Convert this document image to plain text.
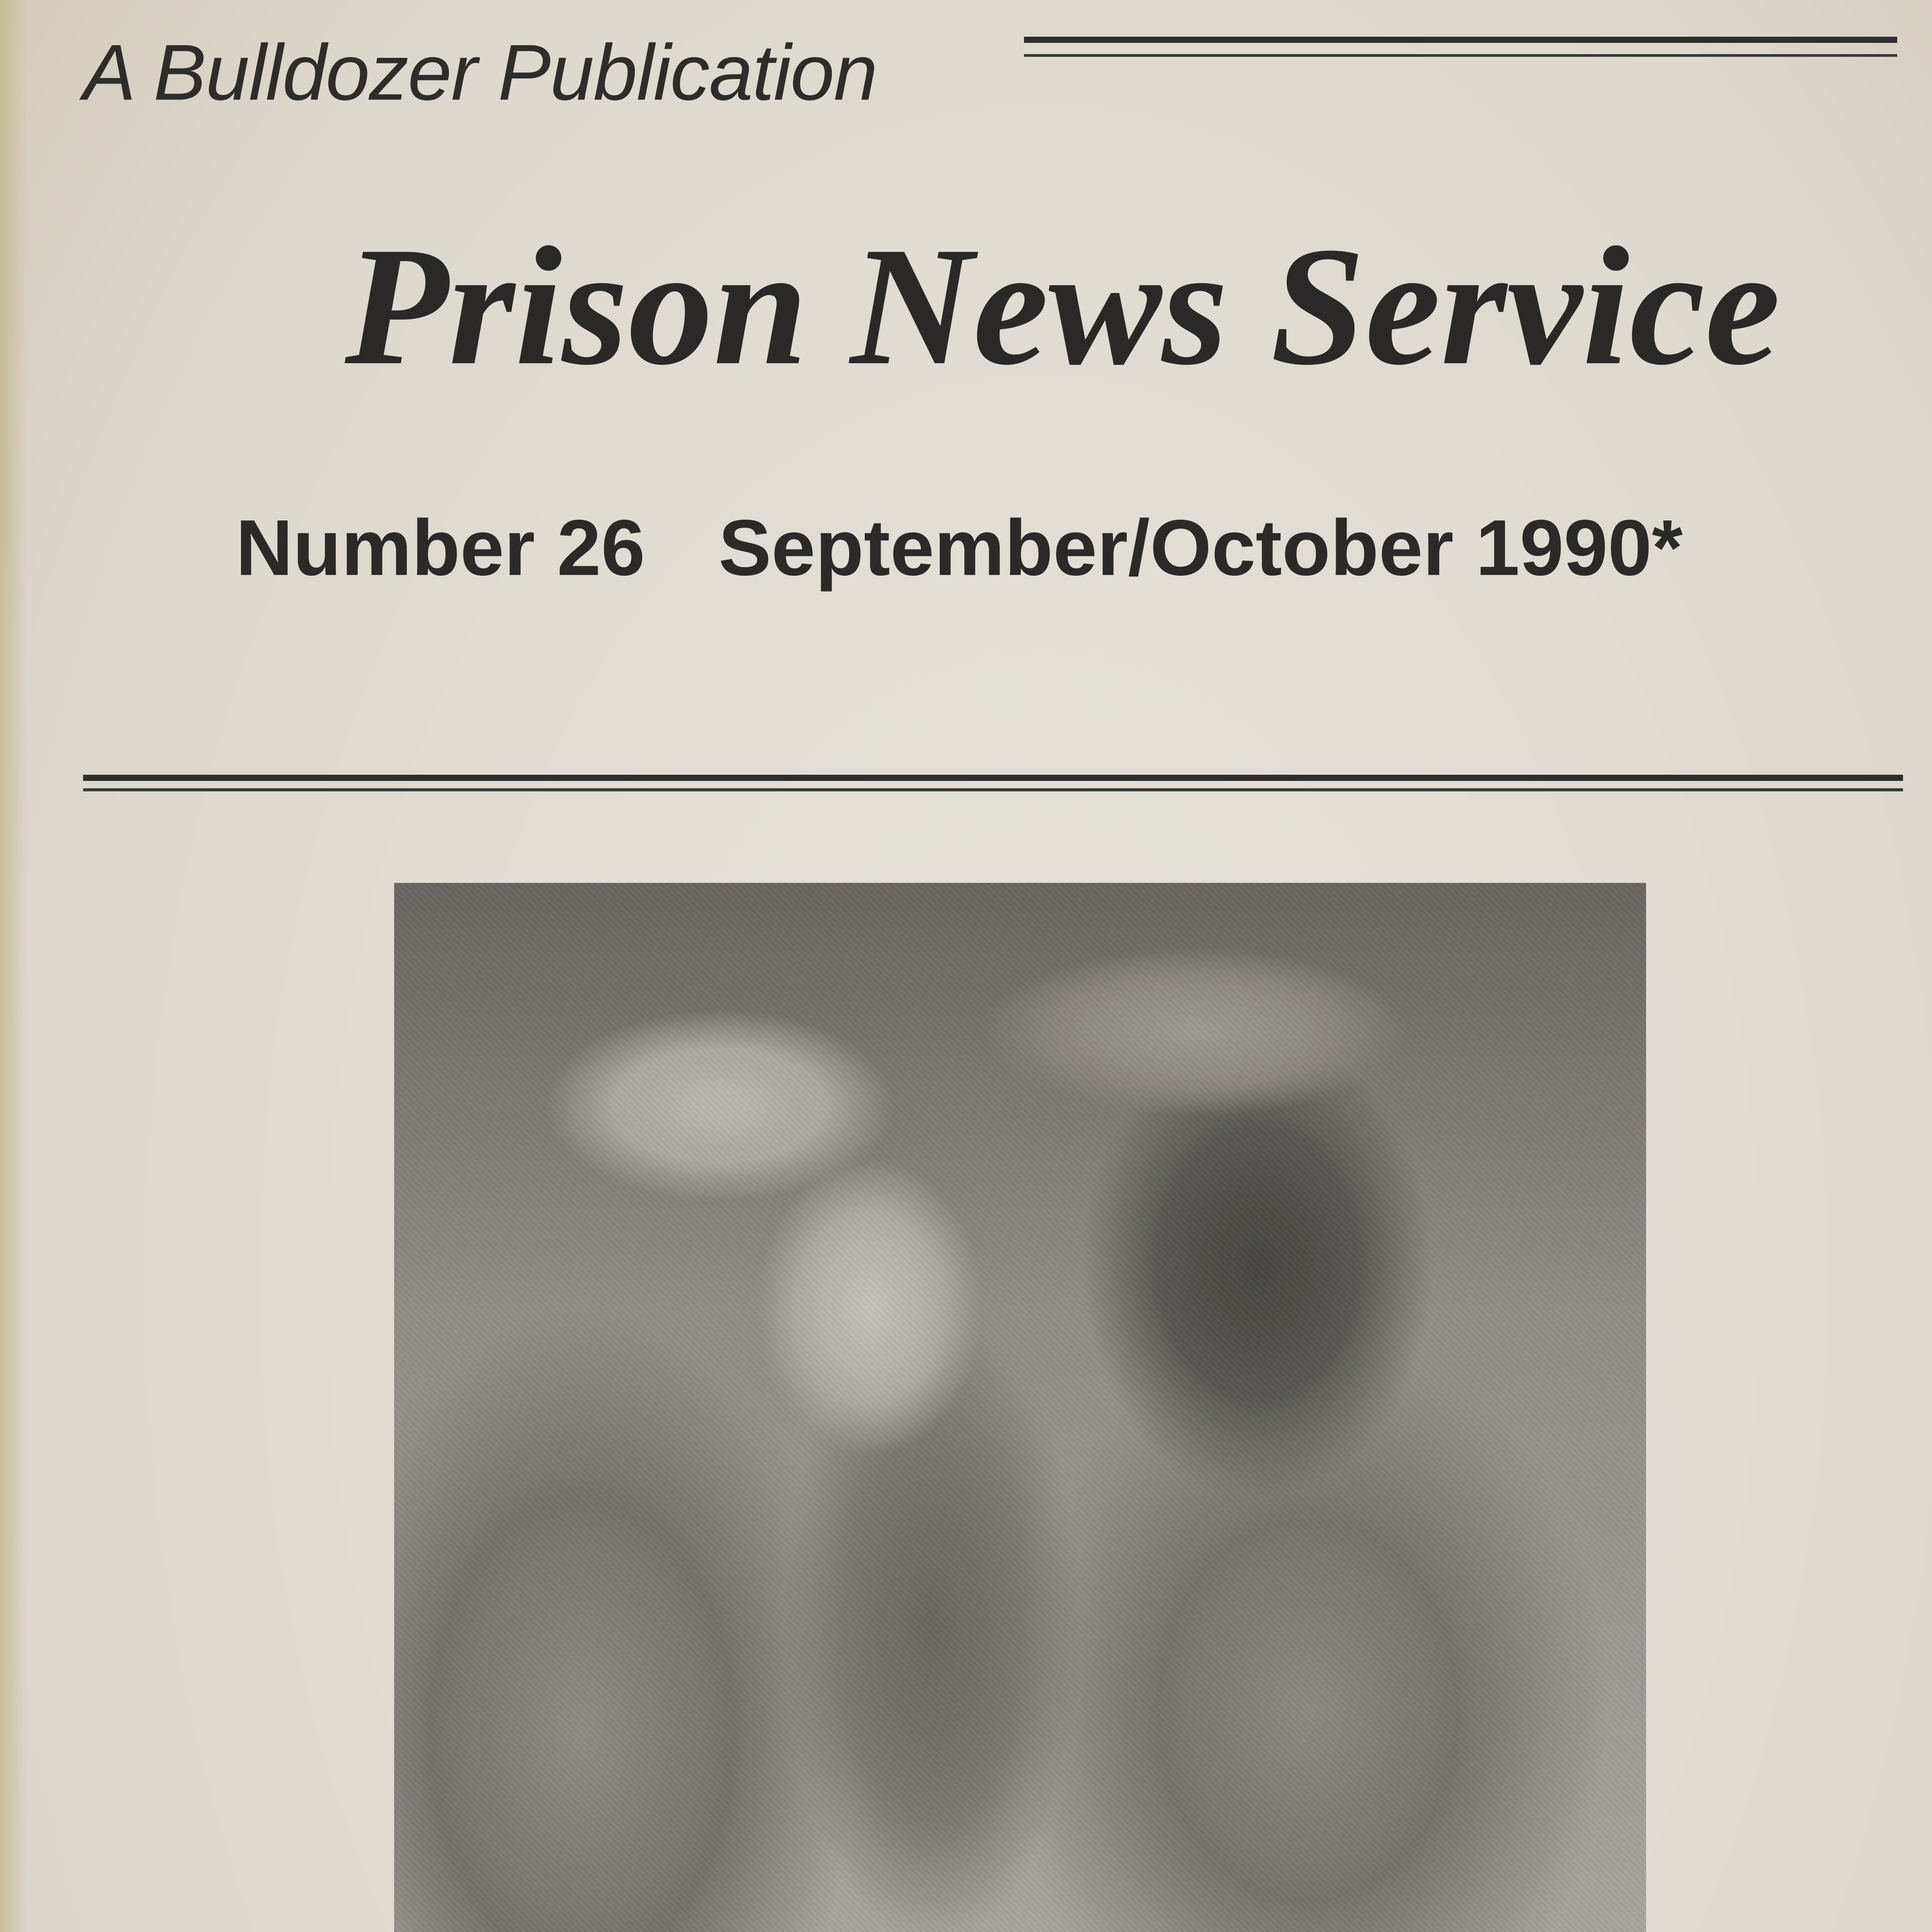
A Bulldozer Publication
Prison News Service
Number 26 September/October 1990*
